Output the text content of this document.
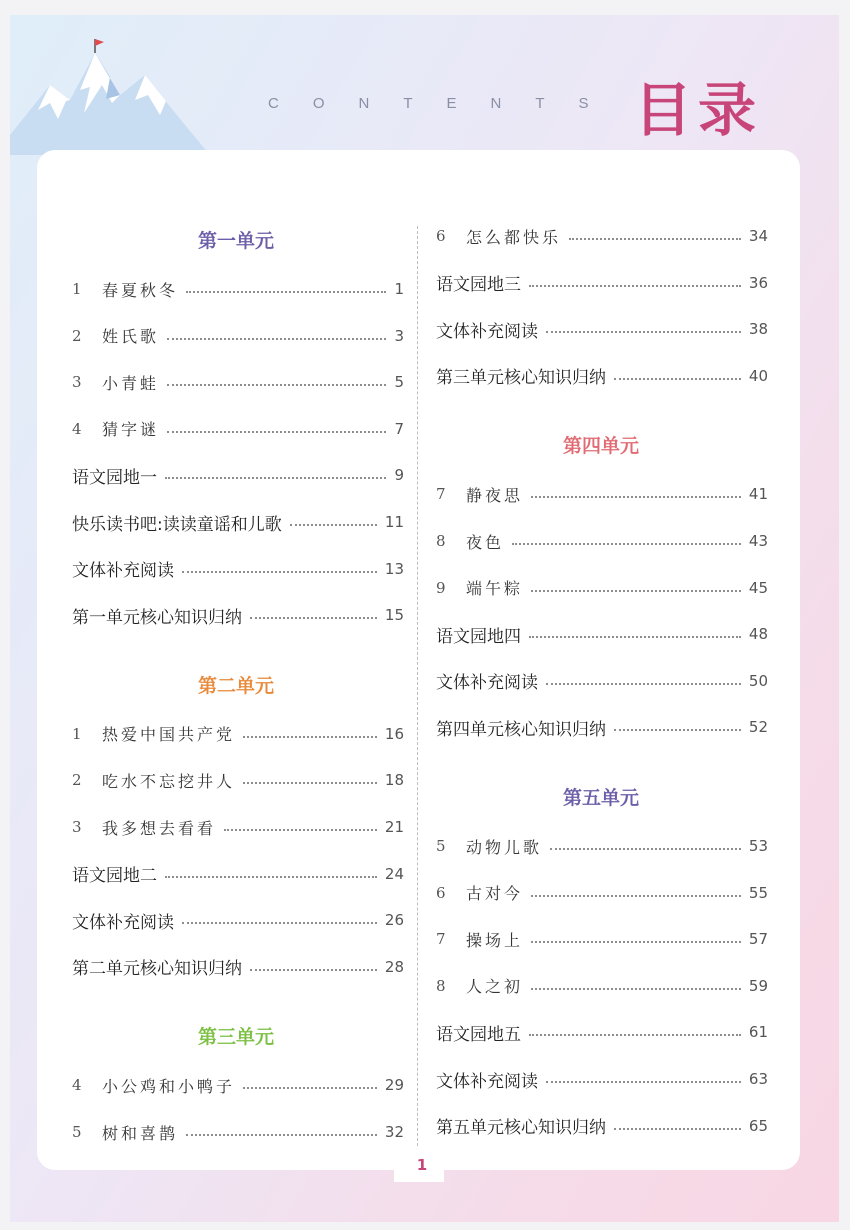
CONTENTS 目录
1
第一单元
1	春夏秋冬	1
2	姓氏歌	3
3	小青蛙	5
4	猜字谜	7
语文园地一	9
快乐读书吧:读读童谣和儿歌	11
文体补充阅读	13
第一单元核心知识归纳	15
第二单元
1	热爱中国共产党	16
2	吃水不忘挖井人	18
3	我多想去看看	21
语文园地二	24
文体补充阅读	26
第二单元核心知识归纳	28
第三单元
4	小公鸡和小鸭子	29
5	树和喜鹊	32
6	怎么都快乐	34
语文园地三	36
文体补充阅读	38
第三单元核心知识归纳	40
第四单元
7	静夜思	41
8	夜色	43
9	端午粽	45
语文园地四	48
文体补充阅读	50
第四单元核心知识归纳	52
第五单元
5	动物儿歌	53
6	古对今	55
7	操场上	57
8	人之初	59
语文园地五	61
文体补充阅读	63
第五单元核心知识归纳	65
